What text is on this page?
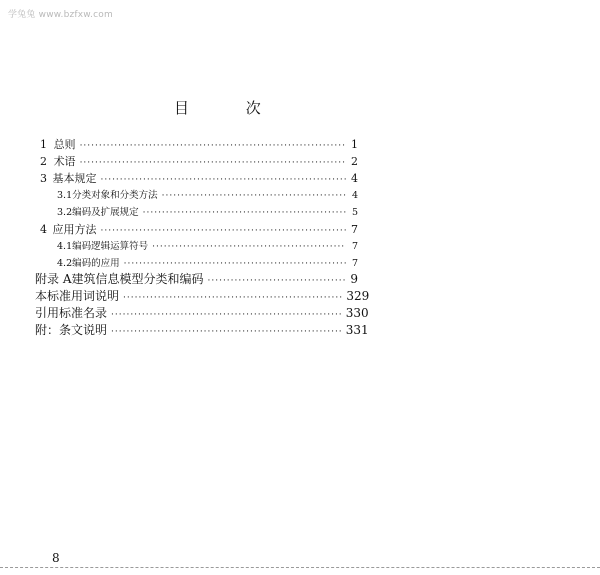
学兔兔 www.bzfxw.com
目 次
1 总则 ·····	1
2 术语 ·····	2
3 基本规定 ·····	4
3.1 分类对象和分类方法 ·····	4
3.2 编码及扩展规定 ·····	5
4 应用方法 ·····	7
4.1 编码逻辑运算符号 ·····	7
4.2 编码的应用 ·····	7
附录 A 建筑信息模型分类和编码 ·····	9
本标准用词说明 ·····	329
引用标准名录 ·····	330
附：条文说明 ·····	331
8
